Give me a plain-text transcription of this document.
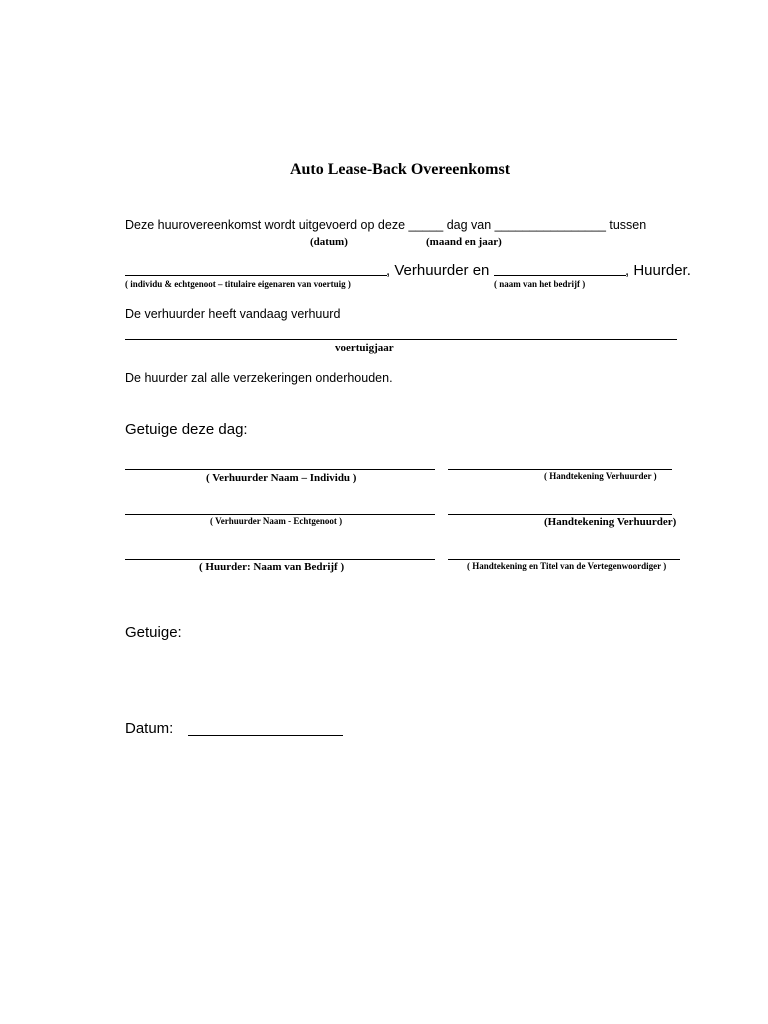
Auto Lease-Back Overeenkomst
Deze huurovereenkomst wordt uitgevoerd op deze _____ dag van ________________ tussen
(datum)	(maand en jaar)
, Verhuurder en	, Huurder.
( individu & echtgenoot – titulaire eigenaren van voertuig )	( naam van het bedrijf )
De verhuurder heeft vandaag verhuurd
voertuigjaar
De huurder zal alle verzekeringen onderhouden.
Getuige deze dag:
( Verhuurder Naam – Individu )	( Handtekening Verhuurder )
( Verhuurder Naam - Echtgenoot )	(Handtekening Verhuurder)
( Huurder: Naam van Bedrijf )	( Handtekening en Titel van de Vertegenwoordiger )
Getuige:
Datum:
